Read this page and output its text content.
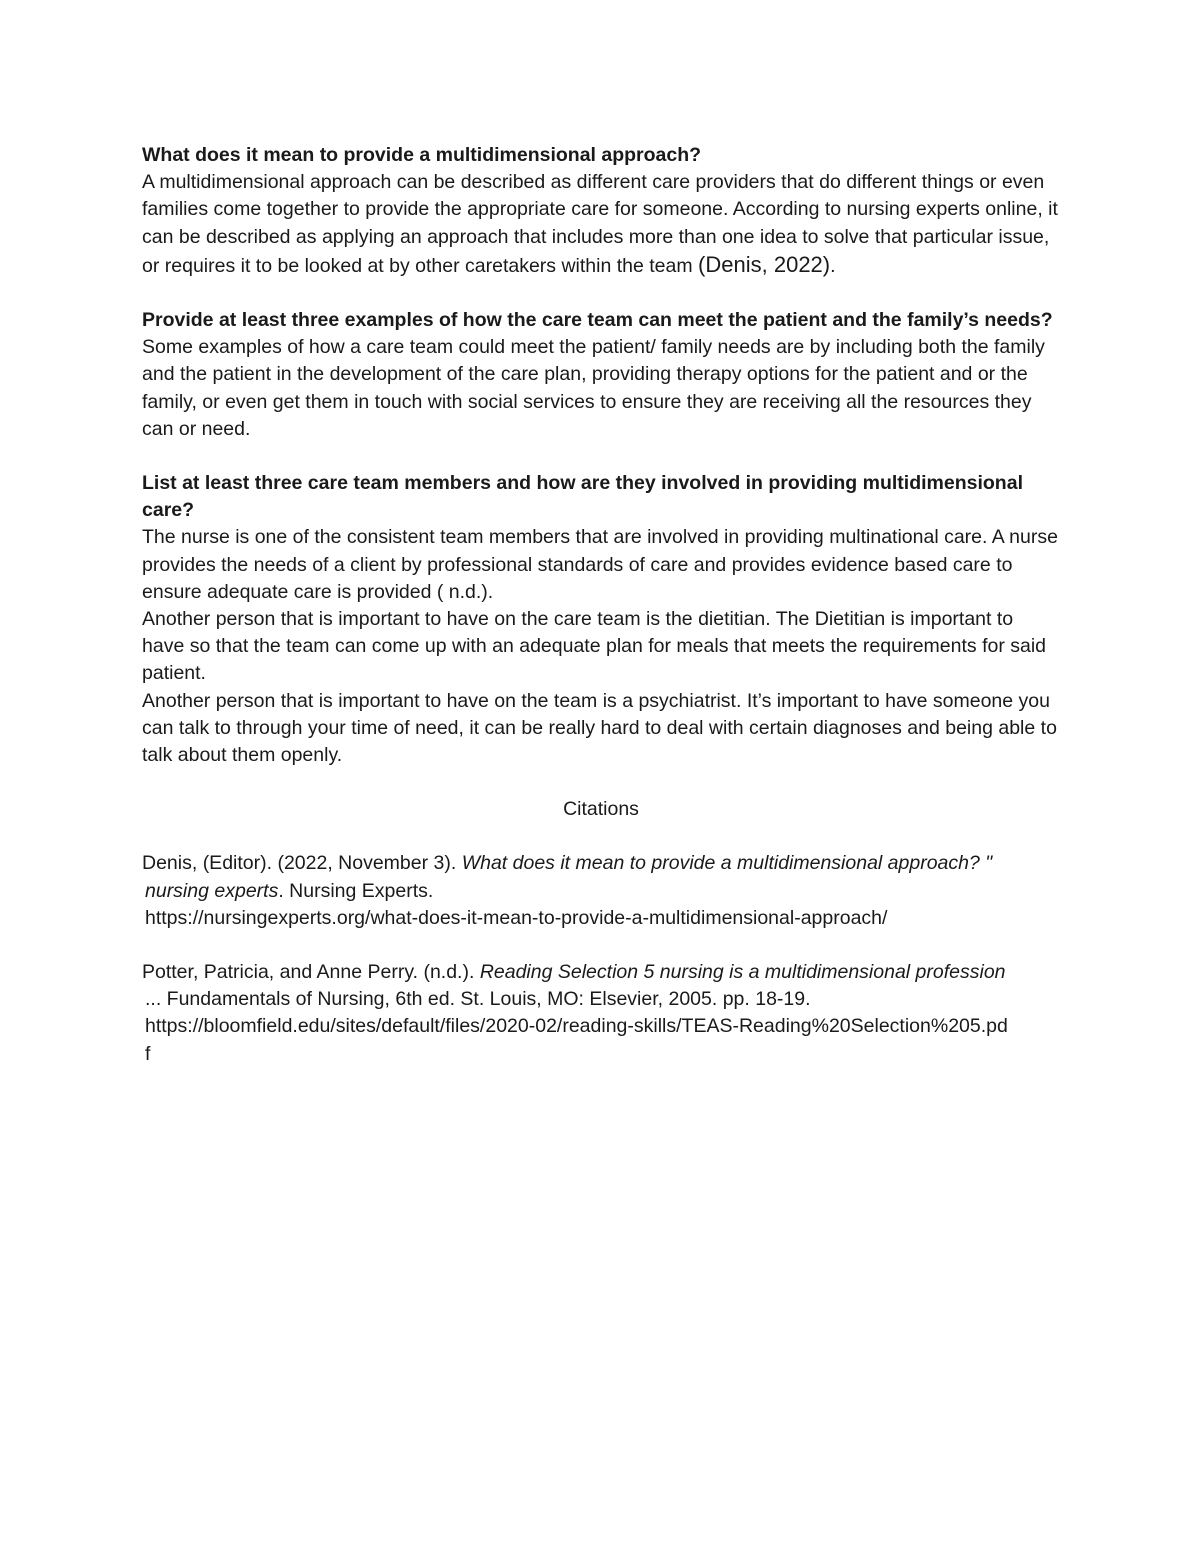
What does it mean to provide a multidimensional approach?

A multidimensional approach can be described as different care providers that do different things or even families come together to provide the appropriate care for someone. According to nursing experts online, it can be described as applying an approach that includes more than one idea to solve that particular issue, or requires it to be looked at by other caretakers within the team (Denis, 2022).

Provide at least three examples of how the care team can meet the patient and the family’s needs?

Some examples of how a care team could meet the patient/ family needs are by including both the family and the patient in the development of the care plan, providing therapy options for the patient and or the family, or even get them in touch with social services to ensure they are receiving all the resources they can or need.

List at least three care team members and how are they involved in providing multidimensional care?

The nurse is one of the consistent team members that are involved in providing multinational care. A nurse provides the needs of a client by professional standards of care and provides evidence based care to ensure adequate care is provided ( n.d.).

Another person that is important to have on the care team is the dietitian. The Dietitian is important to have so that the team can come up with an adequate plan for meals that meets the requirements for said patient.

Another person that is important to have on the team is a psychiatrist. It’s important to have someone you can talk to through your time of need, it can be really hard to deal with certain diagnoses and being able to talk about them openly.

Citations

Denis, (Editor). (2022, November 3). What does it mean to provide a multidimensional approach? "
nursing experts. Nursing Experts.
https://nursingexperts.org/what-does-it-mean-to-provide-a-multidimensional-approach/

Potter, Patricia, and Anne Perry. (n.d.). Reading Selection 5 nursing is a multidimensional profession
... Fundamentals of Nursing, 6th ed. St. Louis, MO: Elsevier, 2005. pp. 18-19.
https://bloomfield.edu/sites/default/files/2020-02/reading-skills/TEAS-Reading%20Selection%205.pd
f
